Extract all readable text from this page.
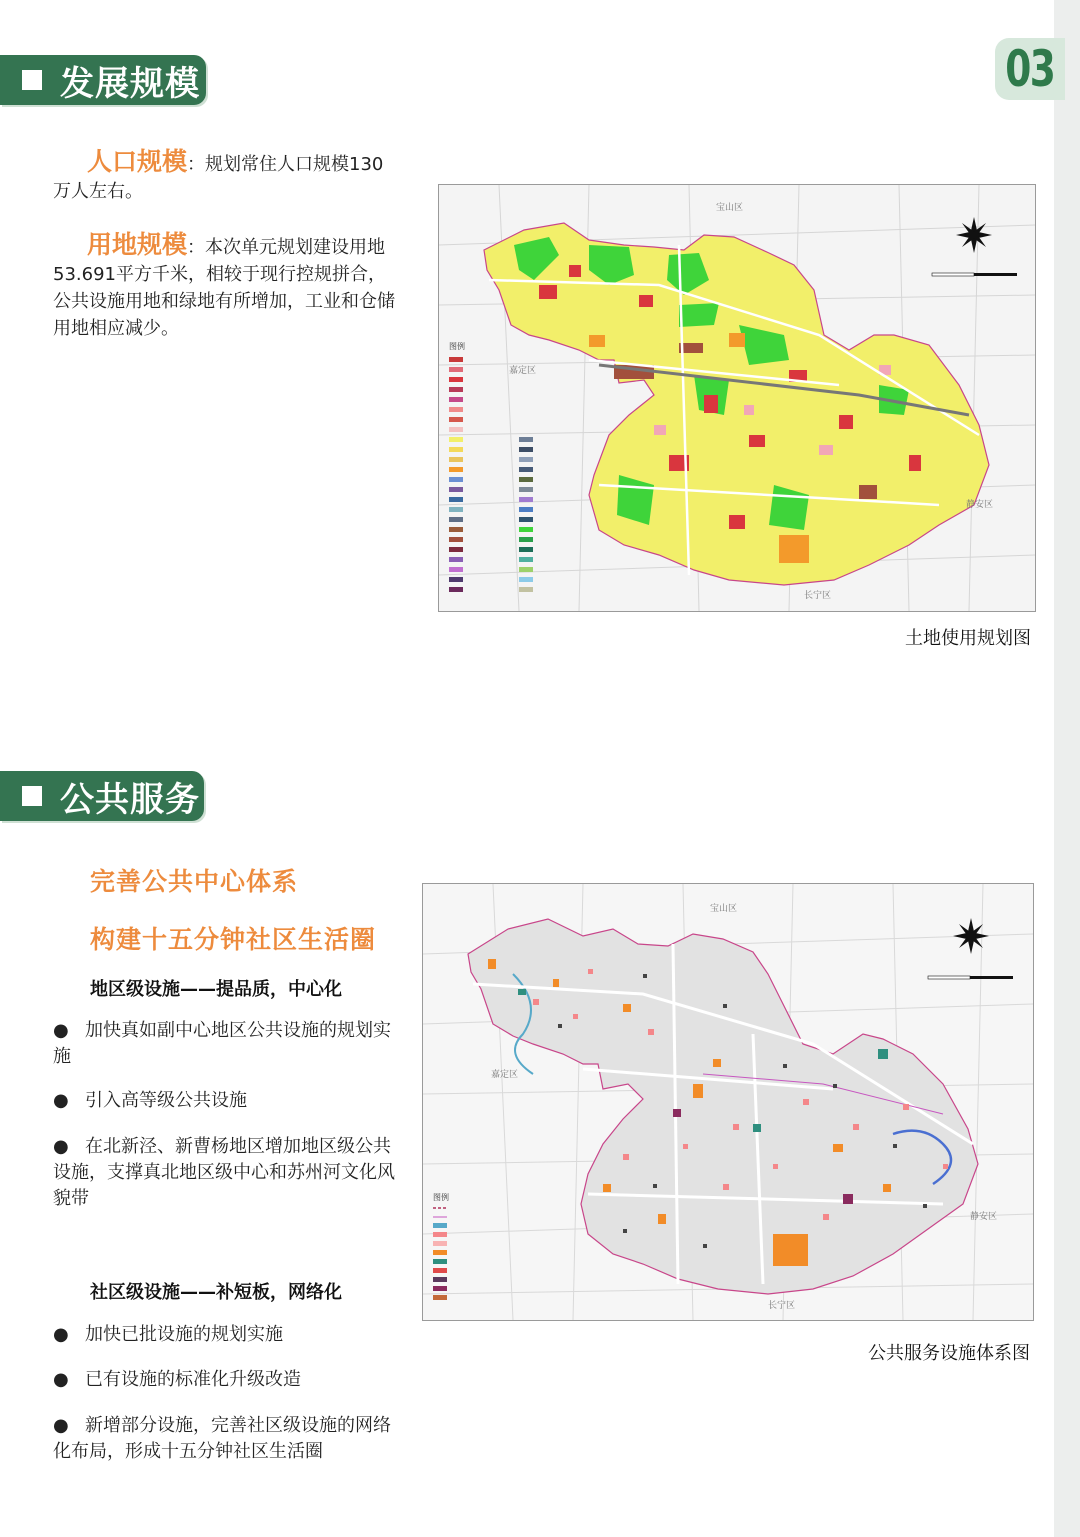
03
发展规模
人口规模：规划常住人口规模130万人左右。
用地规模：本次单元规划建设用地53.691平方千米，相较于现行控规拼合，公共设施用地和绿地有所增加，工业和仓储用地相应减少。
图例
宝山区
嘉定区
静安区
长宁区
土地使用规划图
公共服务
完善公共中心体系
构建十五分钟社区生活圈
地区级设施——提品质，中心化
● 加快真如副中心地区公共设施的规划实施
● 引入高等级公共设施
● 在北新泾、新曹杨地区增加地区级公共设施，支撑真北地区级中心和苏州河文化风貌带
社区级设施——补短板，网络化
● 加快已批设施的规划实施
● 已有设施的标准化升级改造
● 新增部分设施，完善社区级设施的网络化布局，形成十五分钟社区生活圈
图例
宝山区
嘉定区
静安区
长宁区
公共服务设施体系图
